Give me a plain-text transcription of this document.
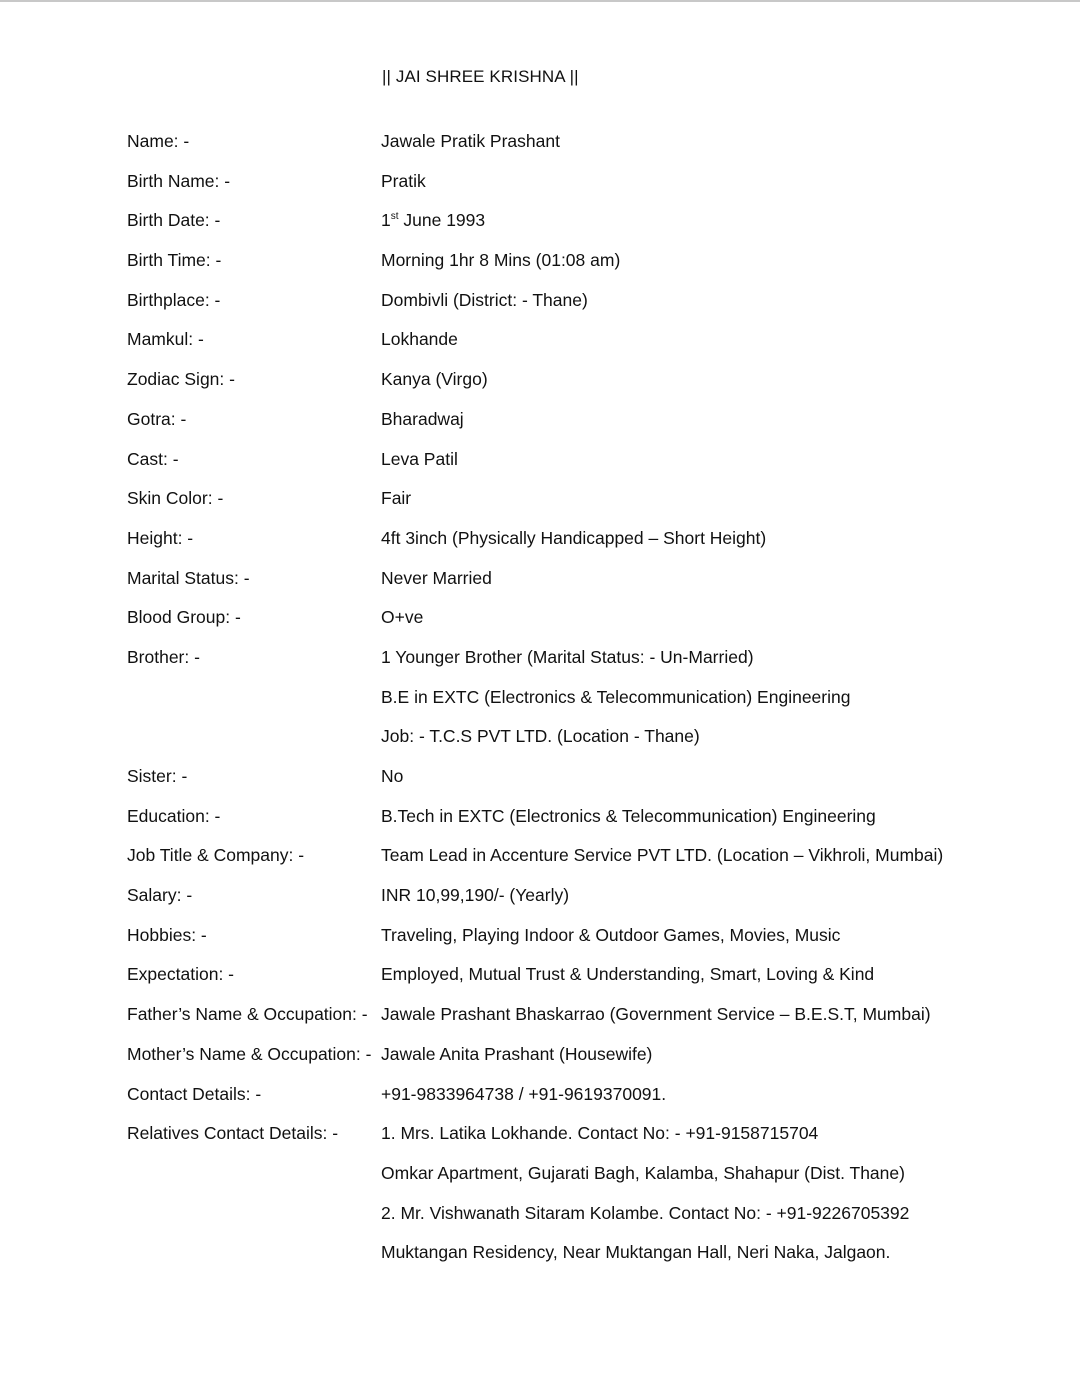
|| JAI SHREE KRISHNA ||
Name: -	Jawale Pratik Prashant
Birth Name: -	Pratik
Birth Date: -	1st June 1993
Birth Time: -	Morning 1hr 8 Mins (01:08 am)
Birthplace: -	Dombivli (District: - Thane)
Mamkul: -	Lokhande
Zodiac Sign: -	Kanya (Virgo)
Gotra: -	Bharadwaj
Cast: -	Leva Patil
Skin Color: -	Fair
Height: -	4ft 3inch (Physically Handicapped – Short Height)
Marital Status: -	Never Married
Blood Group: -	O+ve
Brother: -	1 Younger Brother (Marital Status: - Un-Married)
B.E in EXTC (Electronics & Telecommunication) Engineering
Job: - T.C.S PVT LTD. (Location - Thane)
Sister: -	No
Education: -	B.Tech in EXTC (Electronics & Telecommunication) Engineering
Job Title & Company: -	Team Lead in Accenture Service PVT LTD. (Location – Vikhroli, Mumbai)
Salary: -	INR 10,99,190/- (Yearly)
Hobbies: -	Traveling, Playing Indoor & Outdoor Games, Movies, Music
Expectation: -	Employed, Mutual Trust & Understanding, Smart, Loving & Kind
Father’s Name & Occupation: - Jawale Prashant Bhaskarrao (Government Service – B.E.S.T, Mumbai)
Mother’s Name & Occupation: - Jawale Anita Prashant (Housewife)
Contact Details: -	+91-9833964738 / +91-9619370091.
Relatives Contact Details: - 1. Mrs. Latika Lokhande. Contact No: - +91-9158715704
Omkar Apartment, Gujarati Bagh, Kalamba, Shahapur (Dist. Thane)
2. Mr. Vishwanath Sitaram Kolambe. Contact No: - +91-9226705392
Muktangan Residency, Near Muktangan Hall, Neri Naka, Jalgaon.
